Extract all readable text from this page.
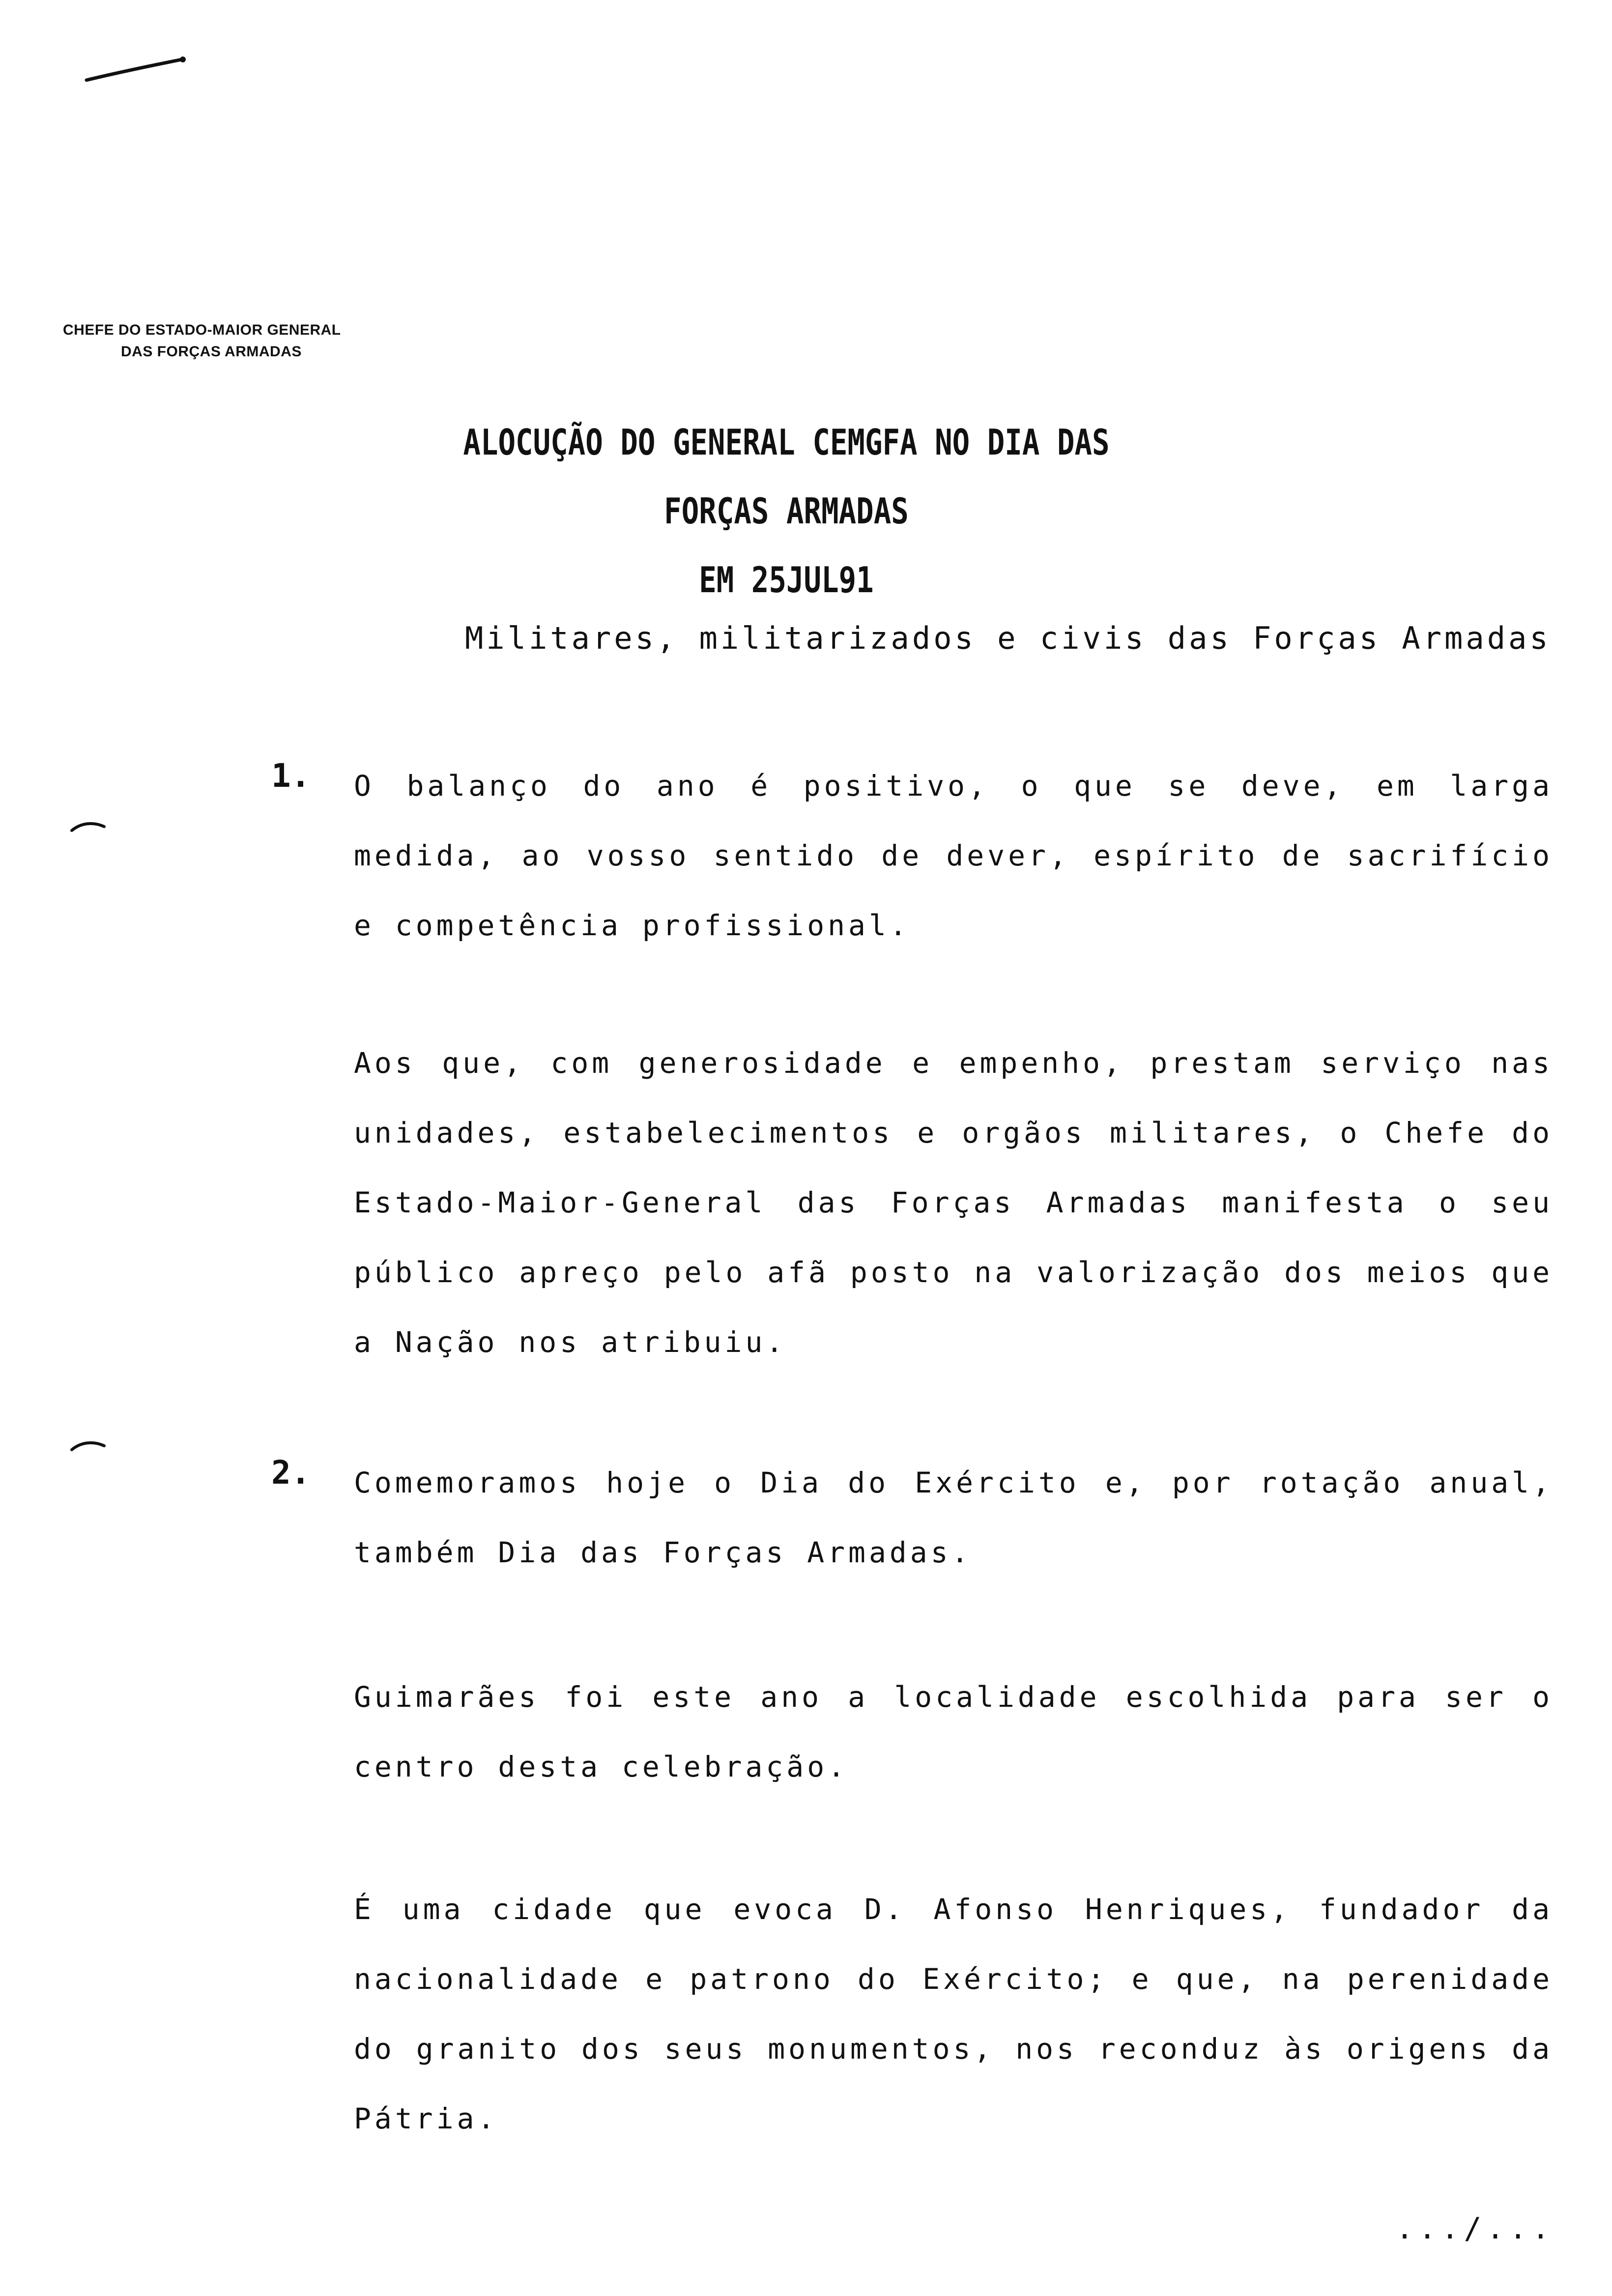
CHEFE DO ESTADO-MAIOR GENERAL
DAS FORÇAS ARMADAS
ALOCUÇÃO DO GENERAL CEMGFA NO DIA DAS FORÇAS ARMADAS
EM 25JUL91
Militares, militarizados e civis das Forças Armadas
1. O balanço do ano é positivo, o que se deve, em larga medida, ao vosso sentido de dever, espírito de sacrifício e competência profissional.
Aos que, com generosidade e empenho, prestam serviço nas unidades, estabelecimentos e orgãos militares, o Chefe do Estado-Maior-General das Forças Armadas manifesta o seu público apreço pelo afã posto na valorização dos meios que a Nação nos atribuiu.
2. Comemoramos hoje o Dia do Exército e, por rotação anual, também Dia das Forças Armadas.
Guimarães foi este ano a localidade escolhida para ser o centro desta celebração.
É uma cidade que evoca D. Afonso Henriques, fundador da nacionalidade e patrono do Exército; e que, na perenidade do granito dos seus monumentos, nos reconduz às origens da Pátria.
.../...
